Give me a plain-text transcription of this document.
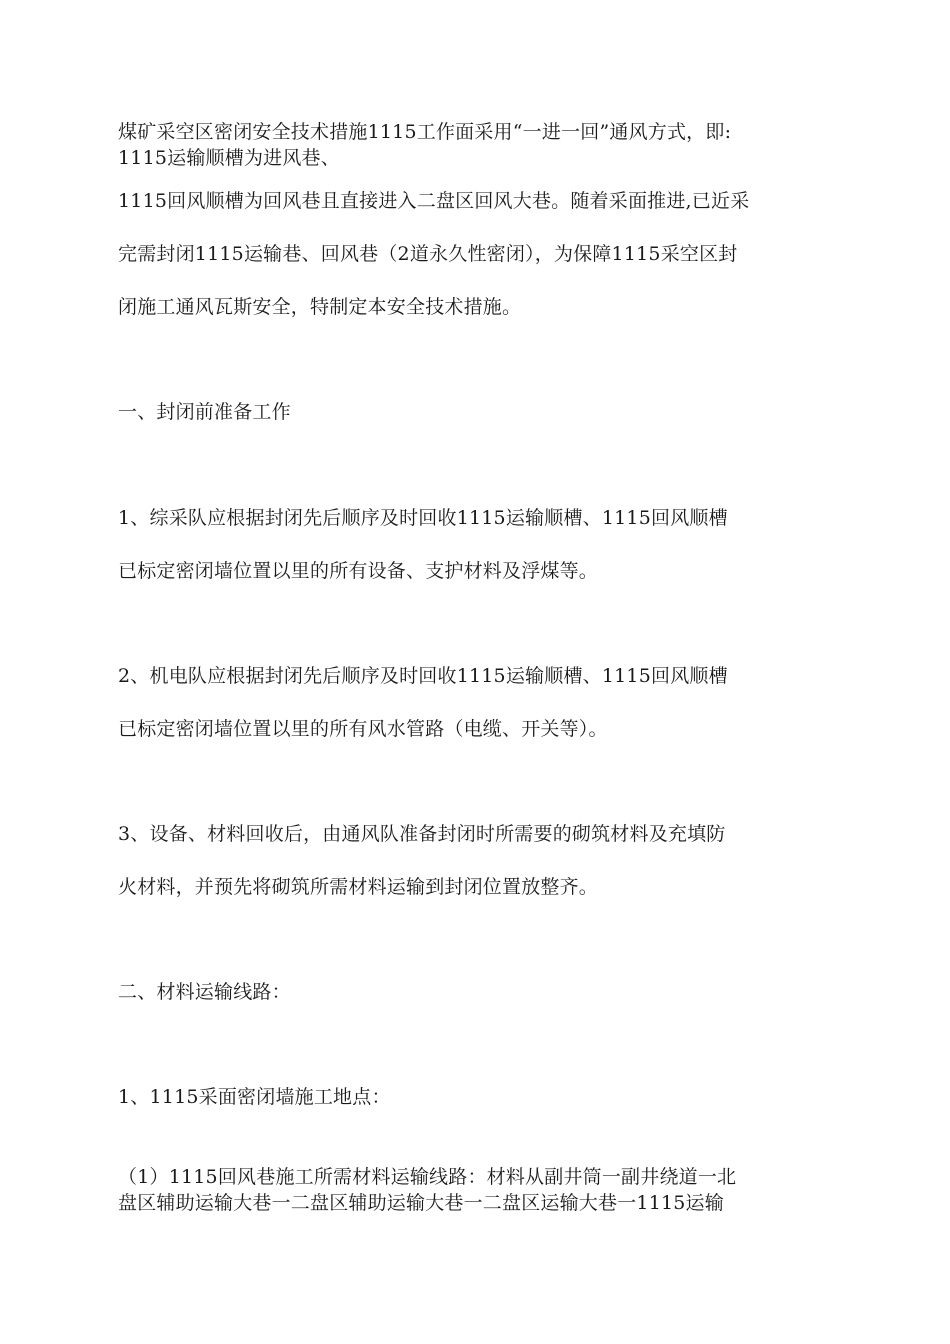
煤矿采空区密闭安全技术措施1115工作面采用“一进一回”通风方式，即:
1115运输顺槽为进风巷、
1115回风顺槽为回风巷且直接进入二盘区回风大巷。随着采面推进,已近采
完需封闭1115运输巷、回风巷（2道永久性密闭），为保障1115采空区封
闭施工通风瓦斯安全，特制定本安全技术措施。
一、封闭前准备工作
1、综采队应根据封闭先后顺序及时回收1115运输顺槽、1115回风顺槽
已标定密闭墙位置以里的所有设备、支护材料及浮煤等。
2、机电队应根据封闭先后顺序及时回收1115运输顺槽、1115回风顺槽
已标定密闭墙位置以里的所有风水管路（电缆、开关等）。
3、设备、材料回收后，由通风队准备封闭时所需要的砌筑材料及充填防
火材料，并预先将砌筑所需材料运输到封闭位置放整齐。
二、材料运输线路：
1、1115采面密闭墙施工地点：
（1）1115回风巷施工所需材料运输线路：材料从副井筒一副井绕道一北
盘区辅助运输大巷一二盘区辅助运输大巷一二盘区运输大巷一1115运输
